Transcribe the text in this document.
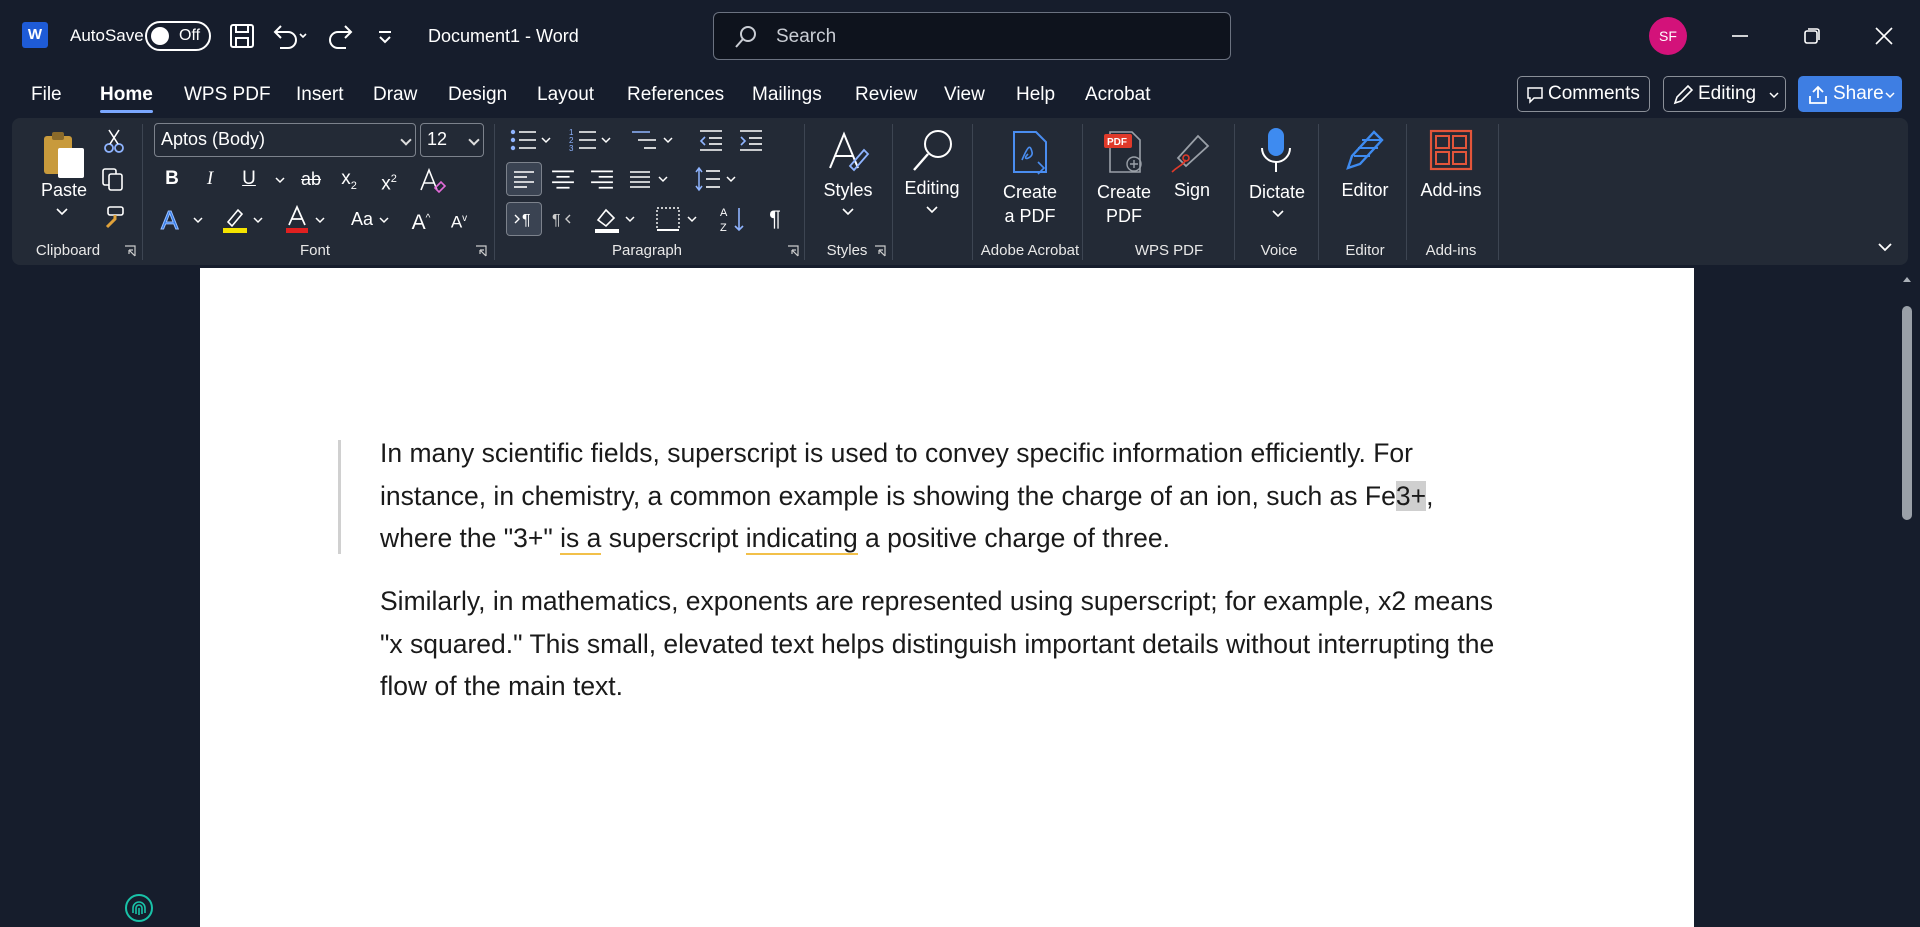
W	AutoSave Off	Document1 - Word	Search	SF
File Home WPS PDF Insert Draw Design Layout References Mailings Review View Help Acrobat	Comments	Editing	Share
Paste
Clipboard
Aptos (Body)	12
B	I	U	ab	$x_2$	$x^2$
A	Aa	A^	$A^v$
Font
1
2
3
¶ ¶	A
Z	¶
Paragraph
Styles
Styles
Editing	Create
a PDF
Adobe Acrobat
PDF
Create
PDF
Sign
WPS PDF
Dictate
Voice
Editor
Editor
Add-ins
Add-ins

In many scientific fields, superscript is used to convey specific information efficiently. For instance, in chemistry, a common example is showing the charge of an ion, such as Fe3+, where the "3+" is a superscript indicating a positive charge of three.

Similarly, in mathematics, exponents are represented using superscript; for example, x2 means "x squared." This small, elevated text helps distinguish important details without interrupting the flow of the main text.
